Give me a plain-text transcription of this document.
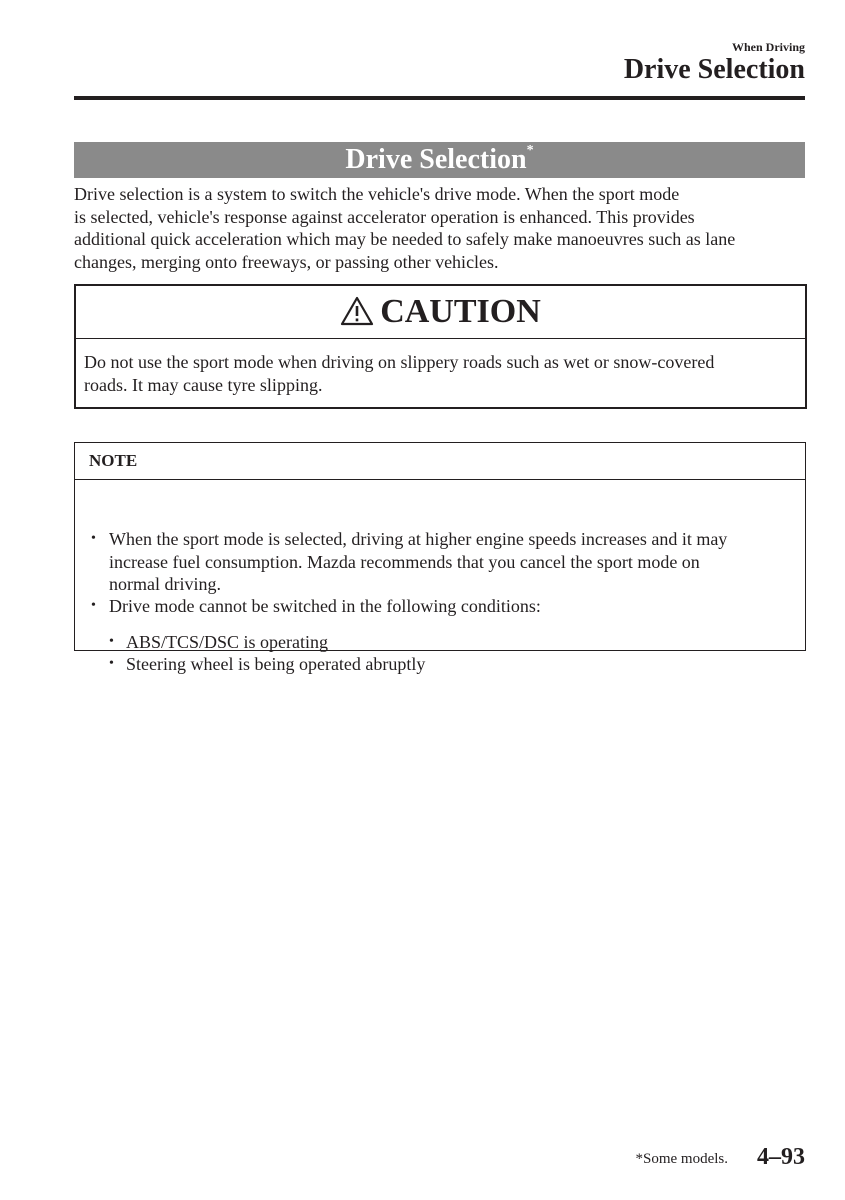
When Driving
Drive Selection
Drive Selection*

Drive selection is a system to switch the vehicle's drive mode. When the sport mode
is selected, vehicle's response against accelerator operation is enhanced. This provides
additional quick acceleration which may be needed to safely make manoeuvres such as lane
changes, merging onto freeways, or passing other vehicles.

CAUTION
Do not use the sport mode when driving on slippery roads such as wet or snow-covered
roads. It may cause tyre slipping.
NOTE
• When the sport mode is selected, driving at higher engine speeds increases and it may
increase fuel consumption. Mazda recommends that you cancel the sport mode on
normal driving.
• Drive mode cannot be switched in the following conditions:
• ABS/TCS/DSC is operating
• Steering wheel is being operated abruptly
*Some models. 4–93
